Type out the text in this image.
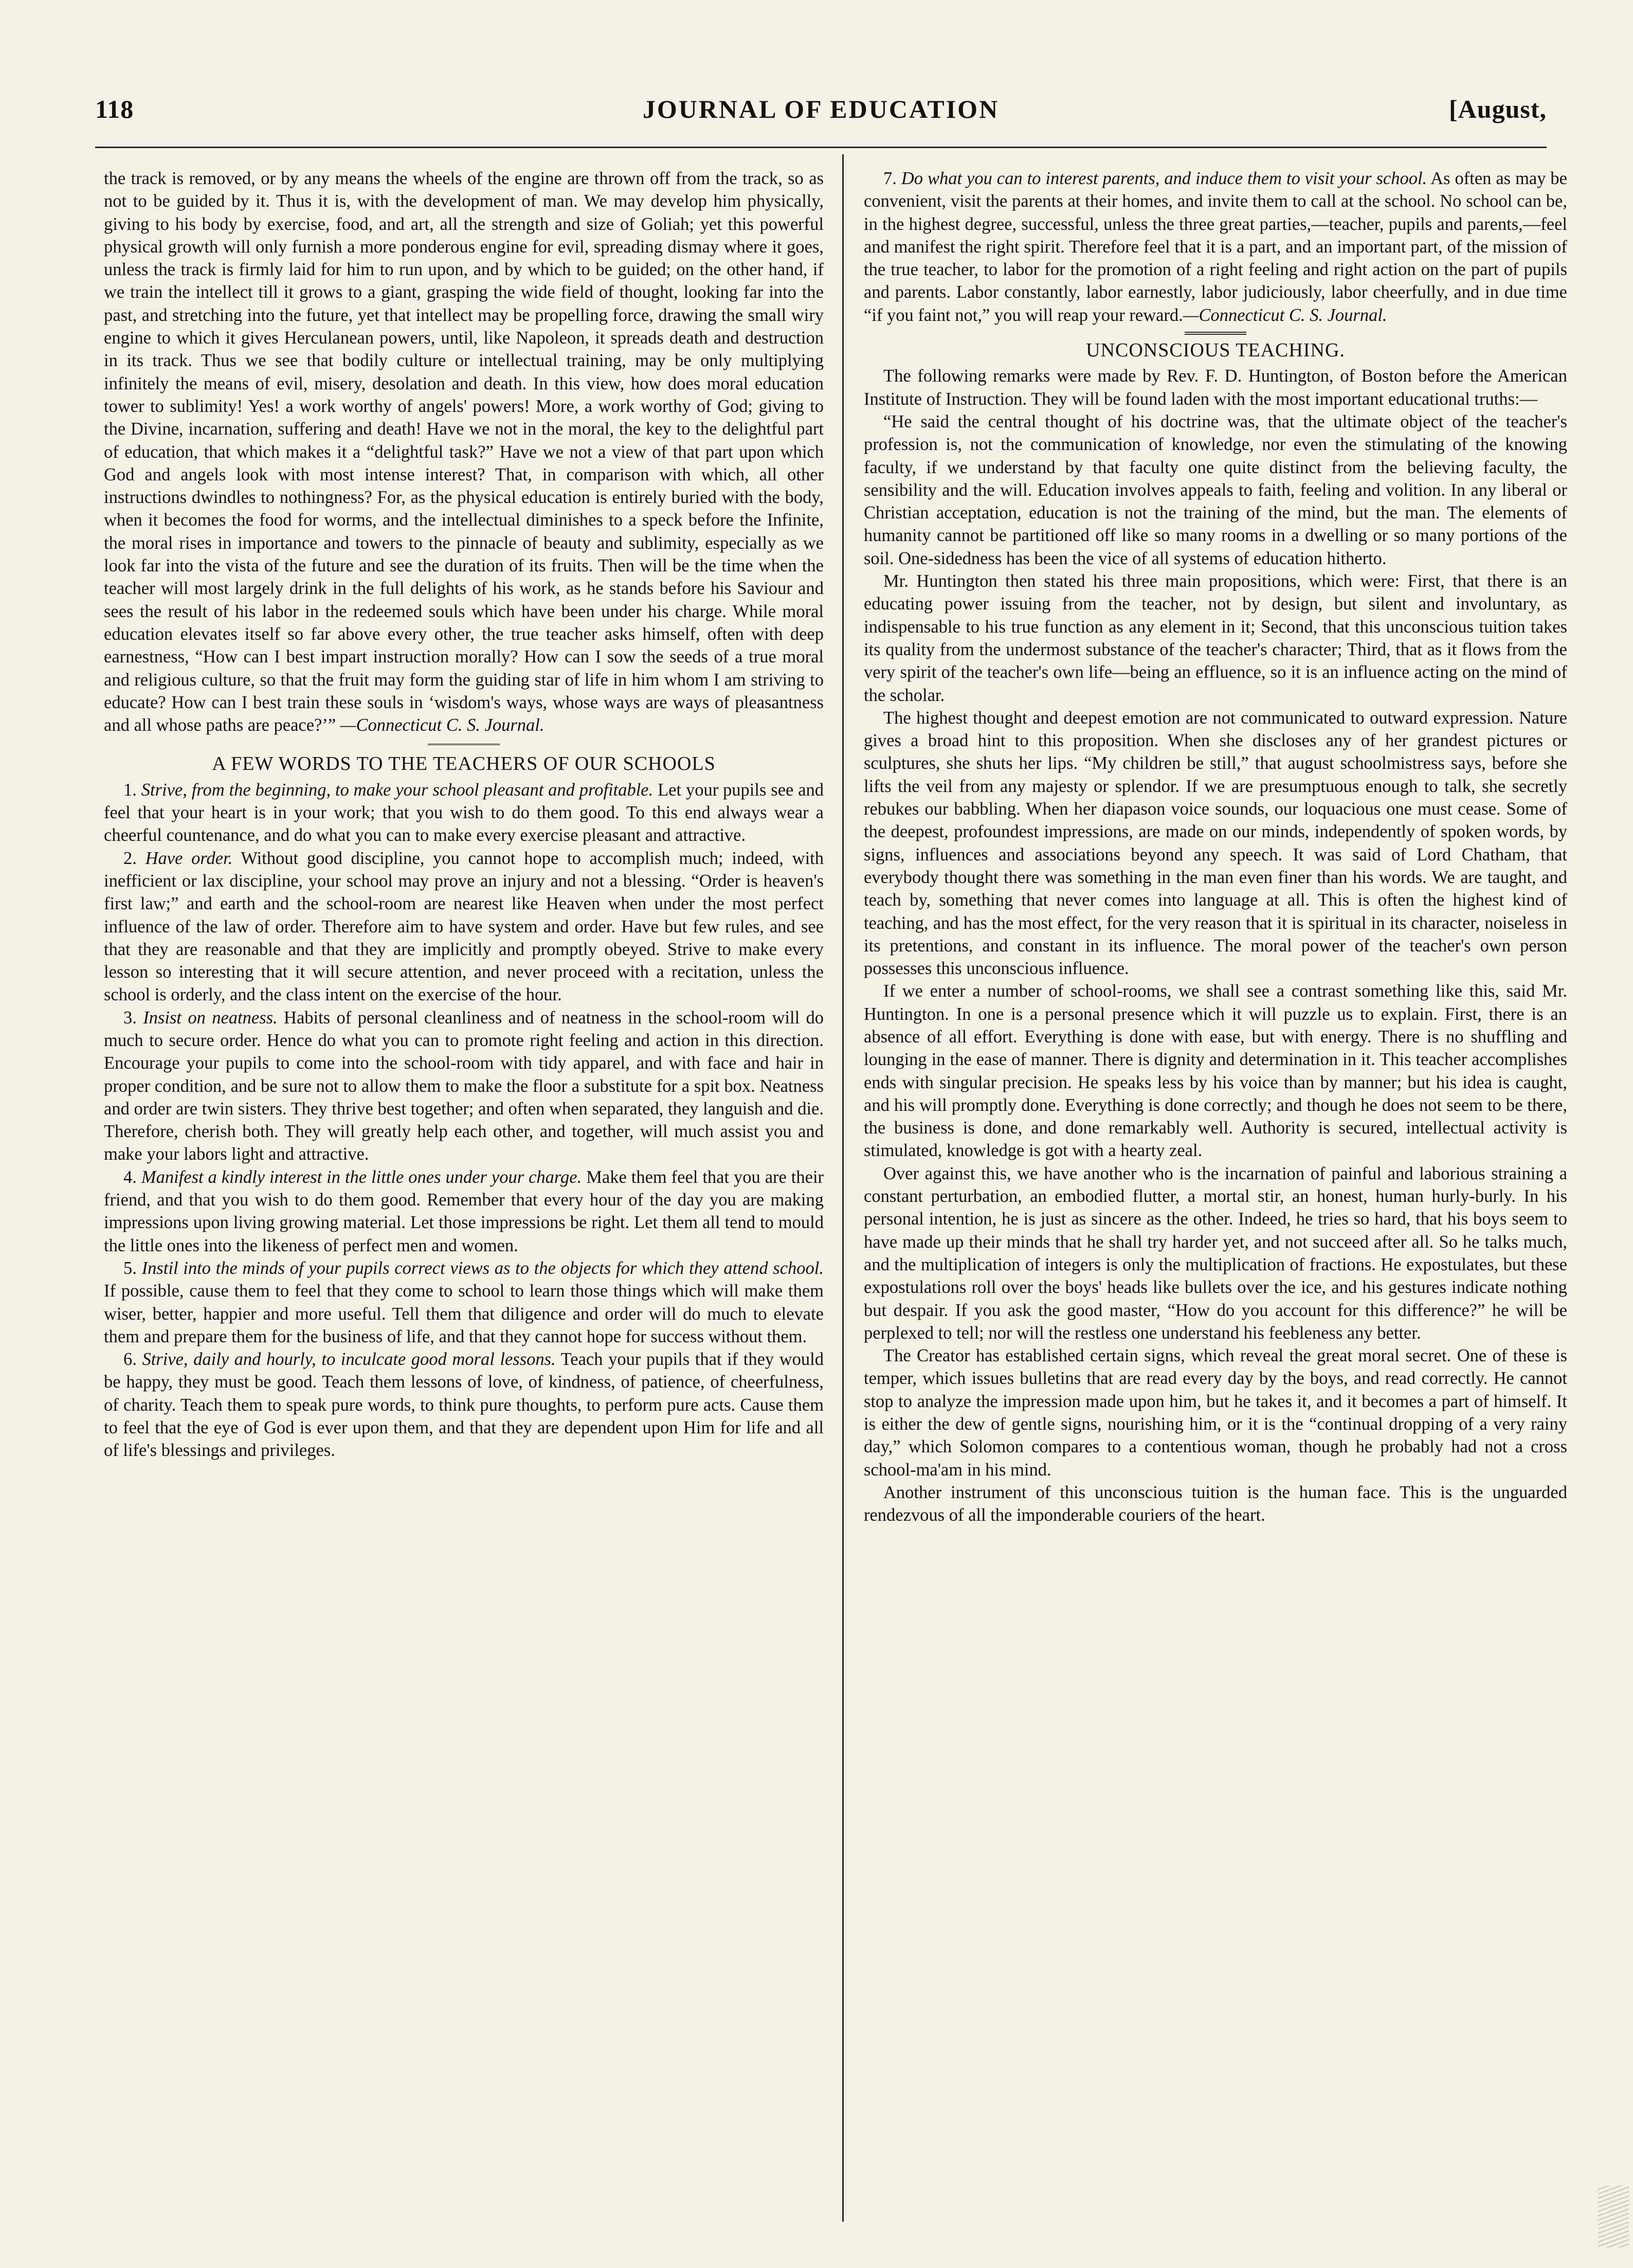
118	JOURNAL OF EDUCATION	[August,

the track is removed, or by any means the wheels of the engine are thrown off from the track, so as not to be guided by it. Thus it is, with the development of man. We may develop him physically, giving to his body by exercise, food, and art, all the strength and size of Goliah; yet this powerful physical growth will only furnish a more ponderous engine for evil, spreading dismay where it goes, unless the track is firmly laid for him to run upon, and by which to be guided; on the other hand, if we train the intellect till it grows to a giant, grasping the wide field of thought, looking far into the past, and stretching into the future, yet that intellect may be propelling force, drawing the small wiry engine to which it gives Herculanean powers, until, like Napoleon, it spreads death and destruction in its track. Thus we see that bodily culture or intellectual training, may be only multiplying infinitely the means of evil, misery, desolation and death. In this view, how does moral education tower to sublimity! Yes! a work worthy of angels' powers! More, a work worthy of God; giving to the Divine, incarnation, suffering and death! Have we not in the moral, the key to the delightful part of education, that which makes it a “delightful task?” Have we not a view of that part upon which God and angels look with most intense interest? That, in comparison with which, all other instructions dwindles to nothingness? For, as the physical education is entirely buried with the body, when it becomes the food for worms, and the intellectual diminishes to a speck before the Infinite, the moral rises in importance and towers to the pinnacle of beauty and sublimity, especially as we look far into the vista of the future and see the duration of its fruits. Then will be the time when the teacher will most largely drink in the full delights of his work, as he stands before his Saviour and sees the result of his labor in the redeemed souls which have been under his charge. While moral education elevates itself so far above every other, the true teacher asks himself, often with deep earnestness, “How can I best impart instruction morally? How can I sow the seeds of a true moral and religious culture, so that the fruit may form the guiding star of life in him whom I am striving to educate? How can I best train these souls in ‘wisdom's ways, whose ways are ways of pleasantness and all whose paths are peace?’” —Connecticut C. S. Journal.

A FEW WORDS TO THE TEACHERS OF OUR SCHOOLS

1. Strive, from the beginning, to make your school pleasant and profitable. Let your pupils see and feel that your heart is in your work; that you wish to do them good. To this end always wear a cheerful countenance, and do what you can to make every exercise pleasant and attractive.

2. Have order. Without good discipline, you cannot hope to accomplish much; indeed, with inefficient or lax discipline, your school may prove an injury and not a blessing. “Order is heaven's first law;” and earth and the school-room are nearest like Heaven when under the most perfect influence of the law of order. Therefore aim to have system and order. Have but few rules, and see that they are reasonable and that they are implicitly and promptly obeyed. Strive to make every lesson so interesting that it will secure attention, and never proceed with a recitation, unless the school is orderly, and the class intent on the exercise of the hour.

3. Insist on neatness. Habits of personal cleanliness and of neatness in the school-room will do much to secure order. Hence do what you can to promote right feeling and action in this direction. Encourage your pupils to come into the school-room with tidy apparel, and with face and hair in proper condition, and be sure not to allow them to make the floor a substitute for a spit box. Neatness and order are twin sisters. They thrive best together; and often when separated, they languish and die. Therefore, cherish both. They will greatly help each other, and together, will much assist you and make your labors light and attractive.

4. Manifest a kindly interest in the little ones under your charge. Make them feel that you are their friend, and that you wish to do them good. Remember that every hour of the day you are making impressions upon living growing material. Let those impressions be right. Let them all tend to mould the little ones into the likeness of perfect men and women.

5. Instil into the minds of your pupils correct views as to the objects for which they attend school. If possible, cause them to feel that they come to school to learn those things which will make them wiser, better, happier and more useful. Tell them that diligence and order will do much to elevate them and prepare them for the business of life, and that they cannot hope for success without them.

6. Strive, daily and hourly, to inculcate good moral lessons. Teach your pupils that if they would be happy, they must be good. Teach them lessons of love, of kindness, of patience, of cheerfulness, of charity. Teach them to speak pure words, to think pure thoughts, to perform pure acts. Cause them to feel that the eye of God is ever upon them, and that they are dependent upon Him for life and all of life's blessings and privileges.

7. Do what you can to interest parents, and induce them to visit your school. As often as may be convenient, visit the parents at their homes, and invite them to call at the school. No school can be, in the highest degree, successful, unless the three great parties,—teacher, pupils and parents,—feel and manifest the right spirit. Therefore feel that it is a part, and an important part, of the mission of the true teacher, to labor for the promotion of a right feeling and right action on the part of pupils and parents. Labor constantly, labor earnestly, labor judiciously, labor cheerfully, and in due time “if you faint not,” you will reap your reward.—Connecticut C. S. Journal.

UNCONSCIOUS TEACHING.

The following remarks were made by Rev. F. D. Huntington, of Boston before the American Institute of Instruction. They will be found laden with the most important educational truths:—

“He said the central thought of his doctrine was, that the ultimate object of the teacher's profession is, not the communication of knowledge, nor even the stimulating of the knowing faculty, if we understand by that faculty one quite distinct from the believing faculty, the sensibility and the will. Education involves appeals to faith, feeling and volition. In any liberal or Christian acceptation, education is not the training of the mind, but the man. The elements of humanity cannot be partitioned off like so many rooms in a dwelling or so many portions of the soil. One-sidedness has been the vice of all systems of education hitherto.

Mr. Huntington then stated his three main propositions, which were: First, that there is an educating power issuing from the teacher, not by design, but silent and involuntary, as indispensable to his true function as any element in it; Second, that this unconscious tuition takes its quality from the undermost substance of the teacher's character; Third, that as it flows from the very spirit of the teacher's own life—being an effluence, so it is an influence acting on the mind of the scholar.

The highest thought and deepest emotion are not communicated to outward expression. Nature gives a broad hint to this proposition. When she discloses any of her grandest pictures or sculptures, she shuts her lips. “My children be still,” that august schoolmistress says, before she lifts the veil from any majesty or splendor. If we are presumptuous enough to talk, she secretly rebukes our babbling. When her diapason voice sounds, our loquacious one must cease. Some of the deepest, profoundest impressions, are made on our minds, independently of spoken words, by signs, influences and associations beyond any speech. It was said of Lord Chatham, that everybody thought there was something in the man even finer than his words. We are taught, and teach by, something that never comes into language at all. This is often the highest kind of teaching, and has the most effect, for the very reason that it is spiritual in its character, noiseless in its pretentions, and constant in its influence. The moral power of the teacher's own person possesses this unconscious influence.

If we enter a number of school-rooms, we shall see a contrast something like this, said Mr. Huntington. In one is a personal presence which it will puzzle us to explain. First, there is an absence of all effort. Everything is done with ease, but with energy. There is no shuffling and lounging in the ease of manner. There is dignity and determination in it. This teacher accomplishes ends with singular precision. He speaks less by his voice than by manner; but his idea is caught, and his will promptly done. Everything is done correctly; and though he does not seem to be there, the business is done, and done remarkably well. Authority is secured, intellectual activity is stimulated, knowledge is got with a hearty zeal.

Over against this, we have another who is the incarnation of painful and laborious straining a constant perturbation, an embodied flutter, a mortal stir, an honest, human hurly-burly. In his personal intention, he is just as sincere as the other. Indeed, he tries so hard, that his boys seem to have made up their minds that he shall try harder yet, and not succeed after all. So he talks much, and the multiplication of integers is only the multiplication of fractions. He expostulates, but these expostulations roll over the boys' heads like bullets over the ice, and his gestures indicate nothing but despair. If you ask the good master, “How do you account for this difference?” he will be perplexed to tell; nor will the restless one understand his feebleness any better.

The Creator has established certain signs, which reveal the great moral secret. One of these is temper, which issues bulletins that are read every day by the boys, and read correctly. He cannot stop to analyze the impression made upon him, but he takes it, and it becomes a part of himself. It is either the dew of gentle signs, nourishing him, or it is the “continual dropping of a very rainy day,” which Solomon compares to a contentious woman, though he probably had not a cross school-ma'am in his mind.

Another instrument of this unconscious tuition is the human face. This is the unguarded rendezvous of all the imponderable couriers of the heart.
